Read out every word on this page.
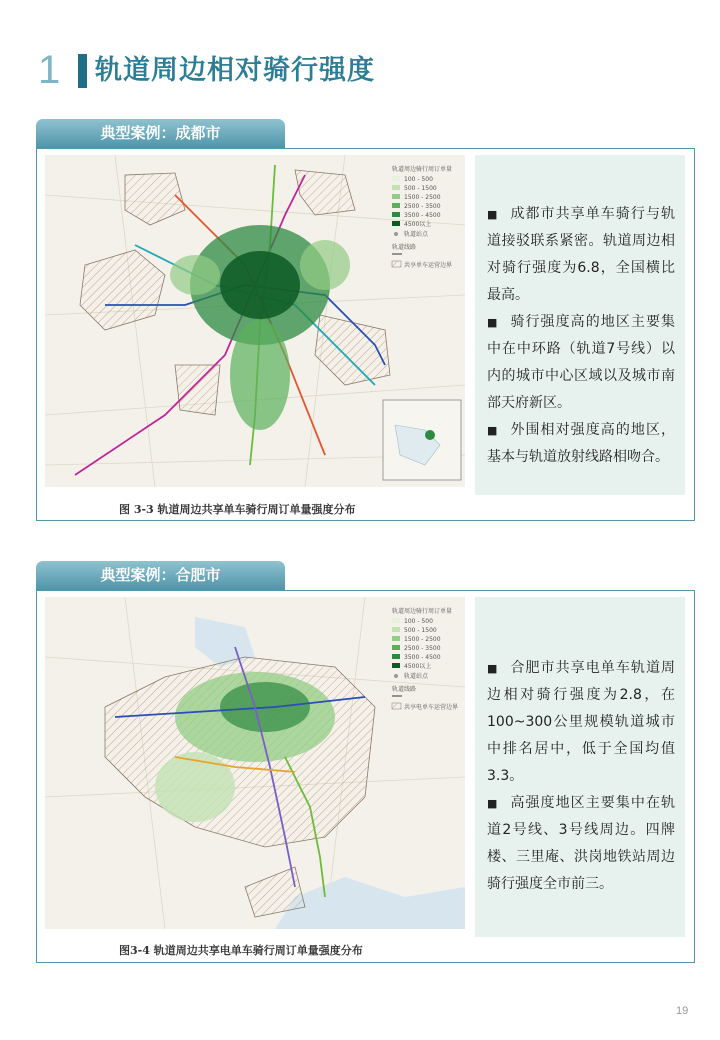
1 轨道周边相对骑行强度
典型案例：成都市
轨道周边骑行周订单量
100 - 500
500 - 1500
1500 - 2500
2500 - 3500
3500 - 4500
4500以上
轨道站点
轨道线路
共享单车运营边界
图 3-3 轨道周边共享单车骑行周订单量强度分布
■ 成都市共享单车骑行与轨道接驳联系紧密。轨道周边相对骑行强度为6.8，全国横比最高。
■ 骑行强度高的地区主要集中在中环路（轨道7号线）以内的城市中心区域以及城市南部天府新区。
■ 外围相对强度高的地区，基本与轨道放射线路相吻合。
典型案例：合肥市
轨道周边骑行周订单量
100 - 500
500 - 1500
1500 - 2500
2500 - 3500
3500 - 4500
4500以上
轨道站点
轨道线路
共享电单车运营边界
图3-4 轨道周边共享电单车骑行周订单量强度分布
■ 合肥市共享电单车轨道周边相对骑行强度为2.8，在100~300公里规模轨道城市中排名居中，低于全国均值3.3。
■ 高强度地区主要集中在轨道2号线、3号线周边。四牌楼、三里庵、洪岗地铁站周边骑行强度全市前三。
19
